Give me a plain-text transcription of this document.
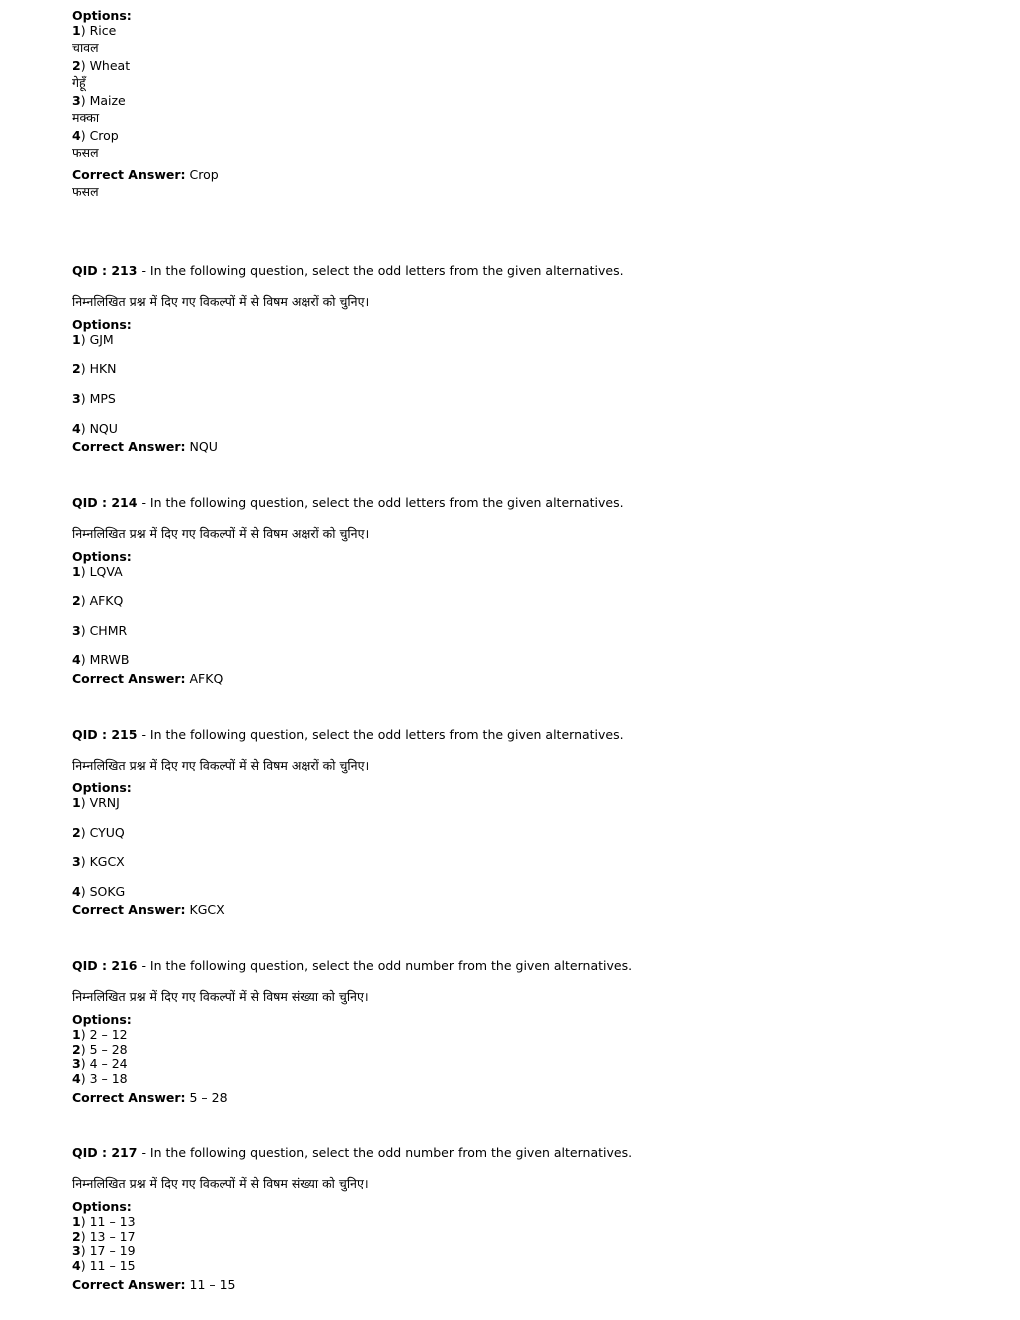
Options:
1) Rice
चावल
2) Wheat
गेहूँ
3) Maize
मक्का
4) Crop
फसल
Correct Answer: Crop
फसल
QID : 213 - In the following question, select the odd letters from the given alternatives.
निम्नलिखित प्रश्न में दिए गए विकल्पों में से विषम अक्षरों को चुनिए।
Options:
1) GJM
2) HKN
3) MPS
4) NQU
Correct Answer: NQU
QID : 214 - In the following question, select the odd letters from the given alternatives.
निम्नलिखित प्रश्न में दिए गए विकल्पों में से विषम अक्षरों को चुनिए।
Options:
1) LQVA
2) AFKQ
3) CHMR
4) MRWB
Correct Answer: AFKQ
QID : 215 - In the following question, select the odd letters from the given alternatives.
निम्नलिखित प्रश्न में दिए गए विकल्पों में से विषम अक्षरों को चुनिए।
Options:
1) VRNJ
2) CYUQ
3) KGCX
4) SOKG
Correct Answer: KGCX
QID : 216 - In the following question, select the odd number from the given alternatives.
निम्नलिखित प्रश्न में दिए गए विकल्पों में से विषम संख्या को चुनिए।
Options:
1) 2 – 12
2) 5 – 28
3) 4 – 24
4) 3 – 18
Correct Answer: 5 – 28
QID : 217 - In the following question, select the odd number from the given alternatives.
निम्नलिखित प्रश्न में दिए गए विकल्पों में से विषम संख्या को चुनिए।
Options:
1) 11 – 13
2) 13 – 17
3) 17 – 19
4) 11 – 15
Correct Answer: 11 – 15
